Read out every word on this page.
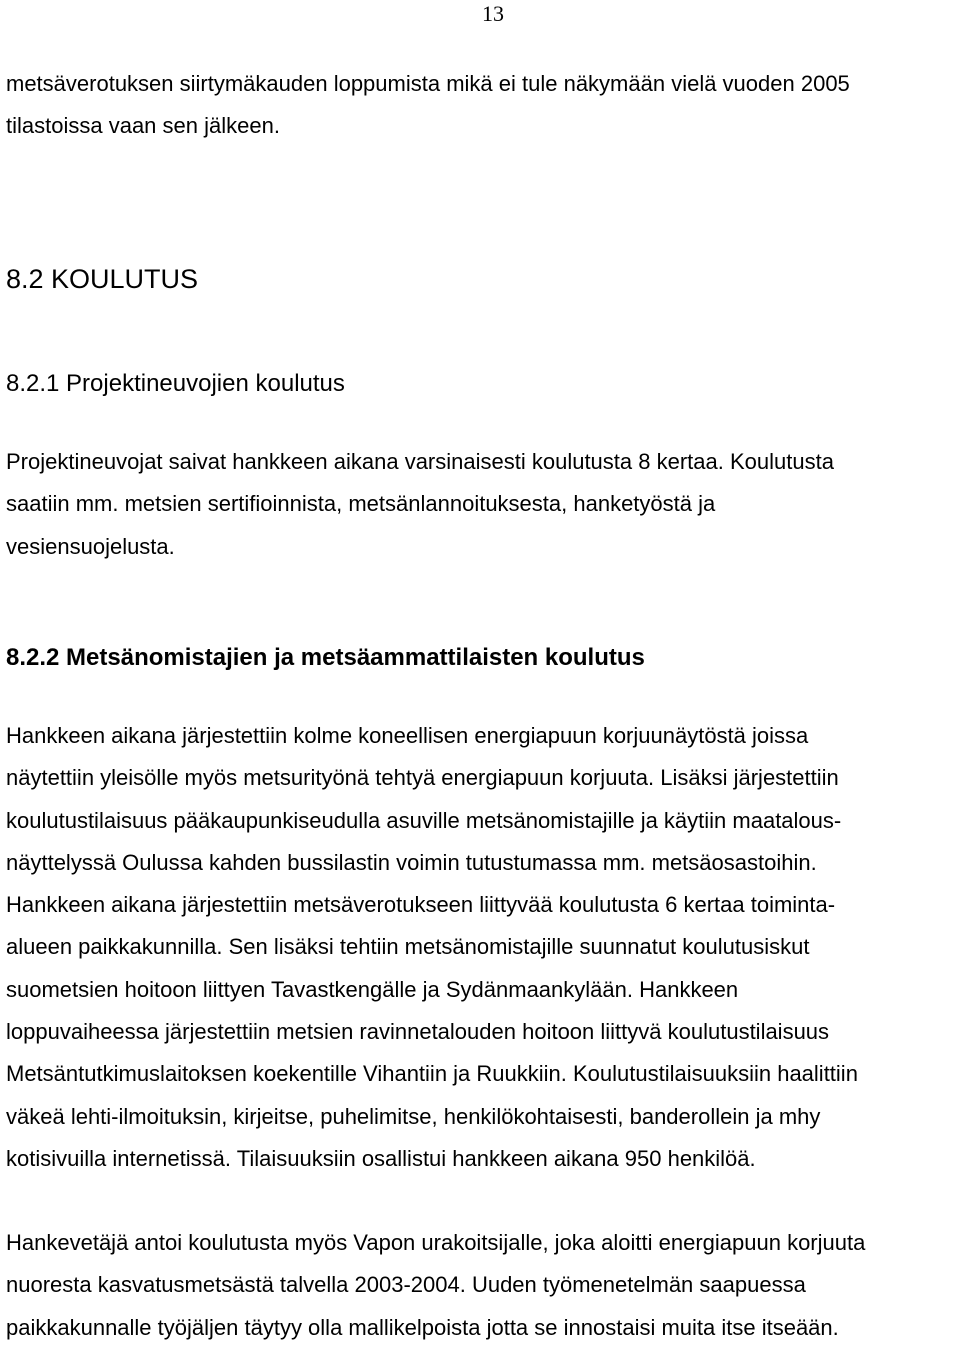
13
metsäverotuksen siirtymäkauden loppumista mikä ei tule näkymään vielä vuoden 2005
tilastoissa vaan sen jälkeen.
8.2 KOULUTUS
8.2.1 Projektineuvojien koulutus
Projektineuvojat saivat hankkeen aikana varsinaisesti koulutusta 8 kertaa. Koulutusta
saatiin mm. metsien sertifioinnista, metsänlannoituksesta, hanketyöstä ja
vesiensuojelusta.
8.2.2 Metsänomistajien ja metsäammattilaisten koulutus
Hankkeen aikana järjestettiin kolme koneellisen energiapuun korjuunäytöstä joissa
näytettiin yleisölle myös metsurityönä tehtyä energiapuun korjuuta. Lisäksi järjestettiin
koulutustilaisuus pääkaupunkiseudulla asuville metsänomistajille ja käytiin maatalous-
näyttelyssä Oulussa kahden bussilastin voimin tutustumassa mm. metsäosastoihin.
Hankkeen aikana järjestettiin metsäverotukseen liittyvää koulutusta 6 kertaa toiminta-
alueen paikkakunnilla. Sen lisäksi tehtiin metsänomistajille suunnatut koulutusiskut
suometsien hoitoon liittyen Tavastkengälle ja Sydänmaankylään. Hankkeen
loppuvaiheessa järjestettiin metsien ravinnetalouden hoitoon liittyvä koulutustilaisuus
Metsäntutkimuslaitoksen koekentille Vihantiin ja Ruukkiin. Koulutustilaisuuksiin haalittiin
väkeä lehti-ilmoituksin, kirjeitse, puhelimitse, henkilökohtaisesti, banderollein ja mhy
kotisivuilla internetissä. Tilaisuuksiin osallistui hankkeen aikana 950 henkilöä.
Hankevetäjä antoi koulutusta myös Vapon urakoitsijalle, joka aloitti energiapuun korjuuta
nuoresta kasvatusmetsästä talvella 2003-2004. Uuden työmenetelmän saapuessa
paikkakunnalle työjäljen täytyy olla mallikelpoista jotta se innostaisi muita itse itseään.
